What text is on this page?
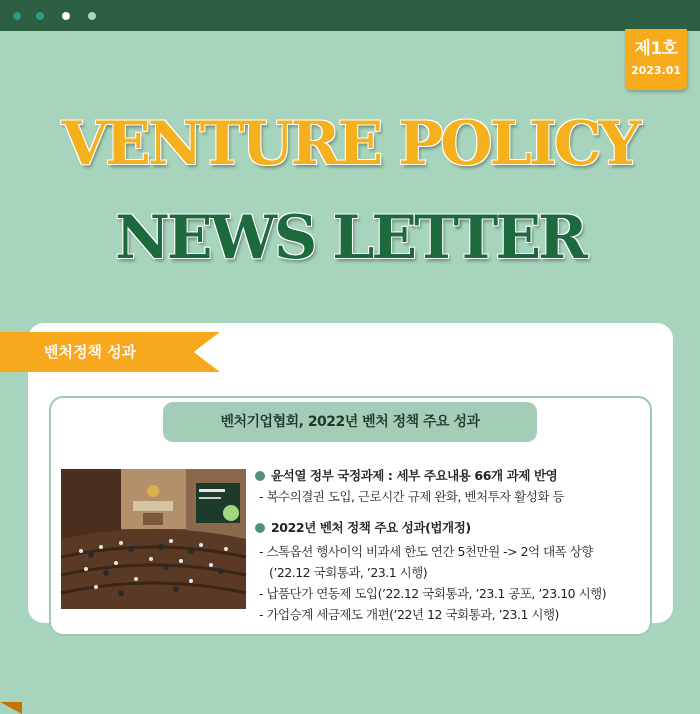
제1호
2023.01
VENTURE POLICY
NEWS LETTER
벤처정책 성과
벤처기업협회, 2022년 벤처 정책 주요 성과
윤석열 정부 국정과제 : 세부 주요내용 66개 과제 반영
- 복수의결권 도입, 근로시간 규제 완화, 벤처투자 활성화 등
2022년 벤처 정책 주요 성과(법개정)
- 스톡옵션 행사이익 비과세 한도 연간 5천만원 -> 2억 대폭 상향
(’22.12 국회통과, ’23.1 시행)
- 납품단가 연동제 도입(’22.12 국회통과, ’23.1 공포, ’23.10 시행)
- 가업승계 세금제도 개편(’22년 12 국회통과, ’23.1 시행)
